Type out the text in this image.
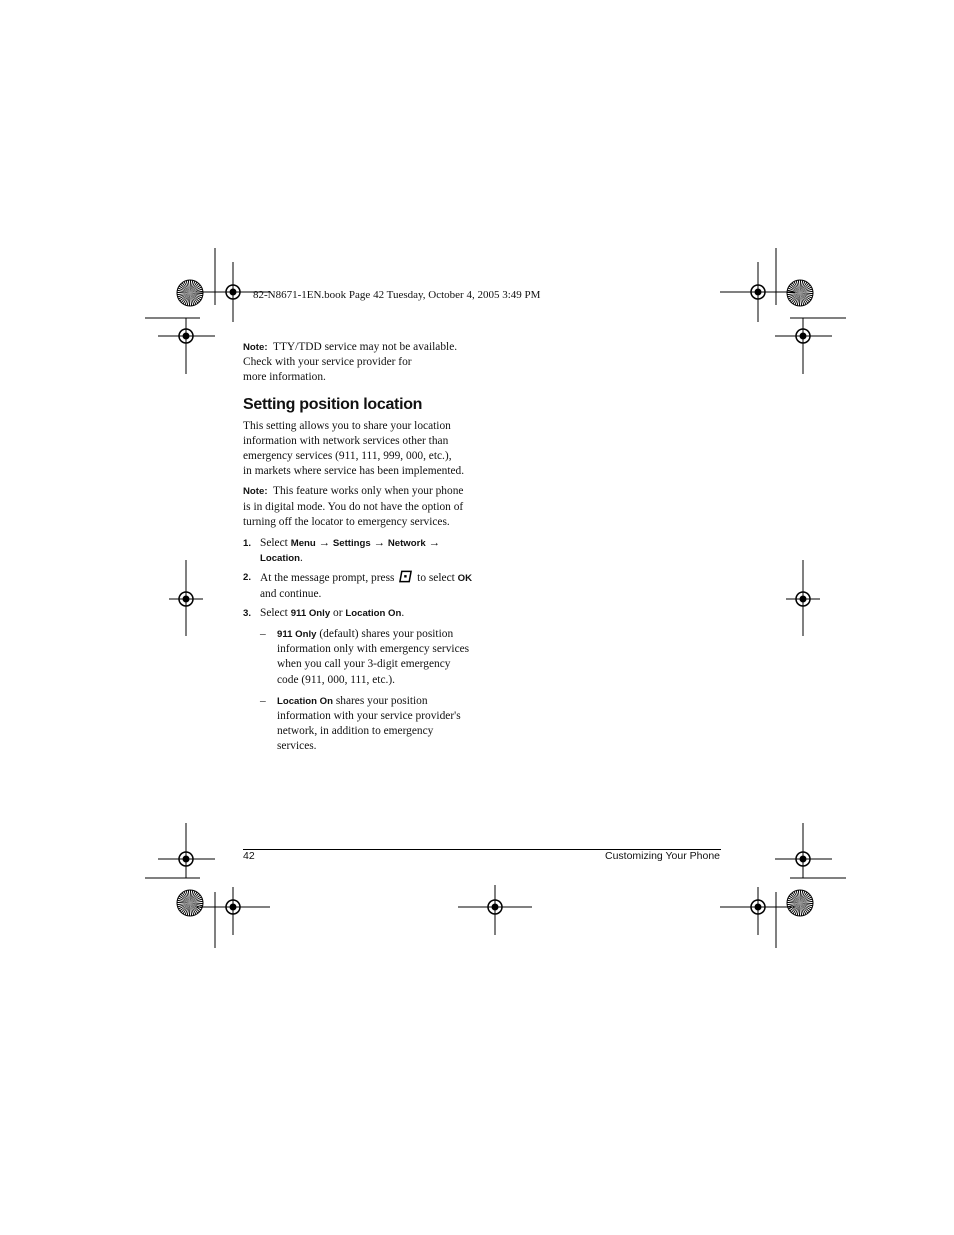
82-N8671-1EN.book Page 42 Tuesday, October 4, 2005 3:49 PM

Note: TTY/TDD service may not be available.
Check with your service provider for
more information.

Setting position location

This setting allows you to share your location
information with network services other than
emergency services (911, 111, 999, 000, etc.),
in markets where service has been implemented.

Note: This feature works only when your phone
is in digital mode. You do not have the option of
turning off the locator to emergency services.

1. Select Menu → Settings → Network →
Location.
2. At the message prompt, press to select OK
and continue.
3. Select 911 Only or Location On.
– 911 Only (default) shares your position
information only with emergency services
when you call your 3-digit emergency
code (911, 000, 111, etc.).
– Location On shares your position
information with your service provider's
network, in addition to emergency services.
42	Customizing Your Phone
